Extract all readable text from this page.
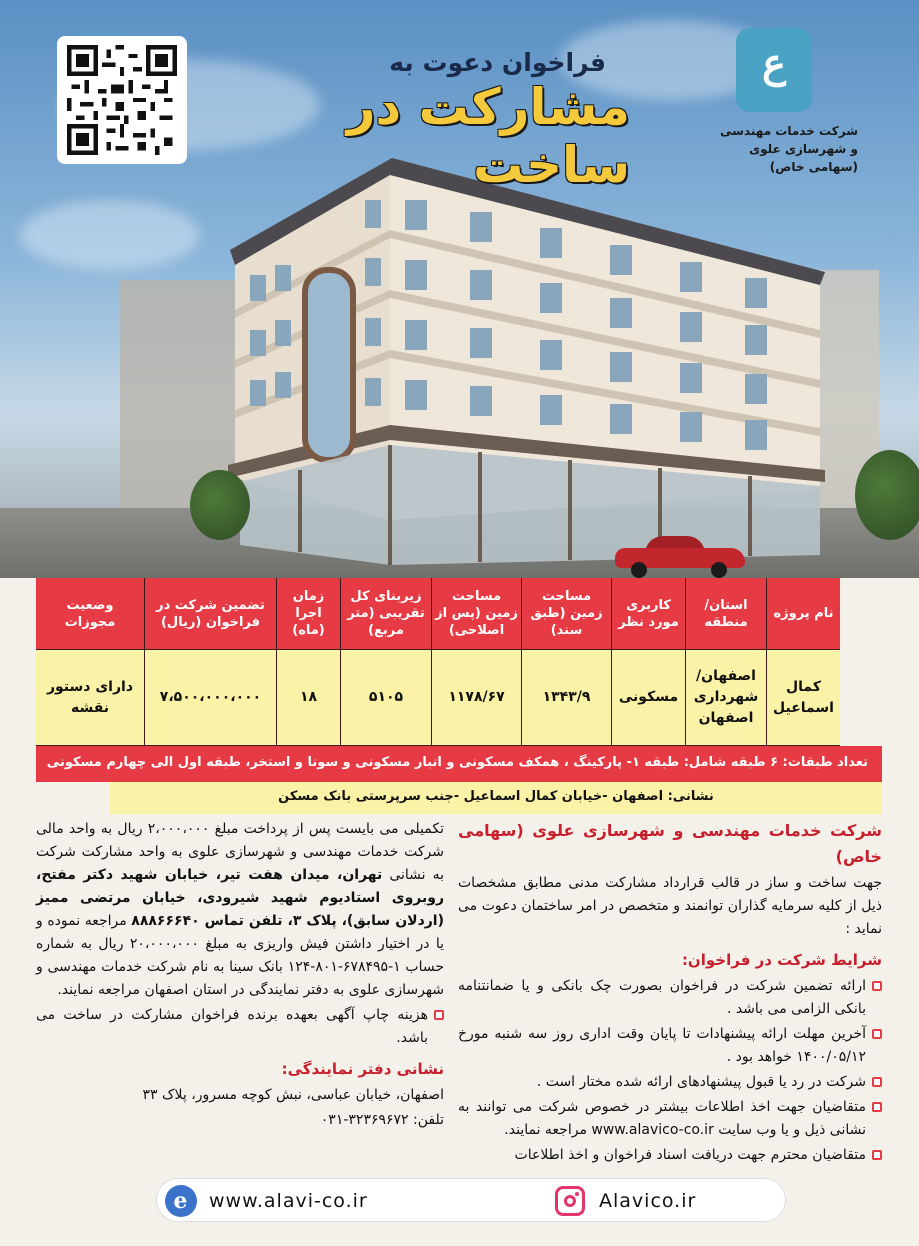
فراخوان دعوت به
مشارکت در ساخت
ع
شرکت خدمات مهندسی و شهرسازی علوی (سهامی خاص)
نام پروژه
استان/ منطقه
کاربری مورد نظر
مساحت زمین (طبق سند)
مساحت زمین (پس از اصلاحی)
زیربنای کل تقریبی (متر مربع)
زمان اجرا (ماه)
تضمین شرکت در فراخوان (ریال)
وضعیت مجوزات
کمال اسماعیل
اصفهان/ شهرداری اصفهان
مسکونی
۱۳۴۳/۹
۱۱۷۸/۶۷
۵۱۰۵
۱۸
۷،۵۰۰،۰۰۰،۰۰۰
دارای دستور نقشه
تعداد طبقات: ۶ طبقه شامل: طبقه ۱- پارکینگ ، همکف مسکونی و انبار مسکونی و سونا و استخر، طبقه اول الی چهارم مسکونی
نشانی: اصفهان -خیابان کمال اسماعیل -جنب سرپرستی بانک مسکن

شرکت خدمات مهندسی و شهرسازی علوی (سهامی خاص)

جهت ساخت و ساز در قالب قرارداد مشارکت مدنی مطابق مشخصات ذیل از کلیه سرمایه گذاران توانمند و متخصص در امر ساختمان دعوت می نماید :

شرایط شرکت در فراخوان:

ارائه تضمین شرکت در فراخوان بصورت چک بانکی و یا ضمانتنامه بانکی الزامی می باشد .

آخرین مهلت ارائه پیشنهادات تا پایان وقت اداری روز سه شنبه مورخ ۱۴۰۰/۰۵/۱۲ خواهد بود .

شرکت در رد یا قبول پیشنهادهای ارائه شده مختار است .

متقاضیان جهت اخذ اطلاعات بیشتر در خصوص شرکت می توانند به نشانی ذیل و یا وب سایت www.alavico-co.ir مراجعه نمایند.

متقاضیان محترم جهت دریافت اسناد فراخوان و اخذ اطلاعات

تکمیلی می بایست پس از پرداخت مبلغ ۲،۰۰۰،۰۰۰ ریال به واحد مالی شرکت خدمات مهندسی و شهرسازی علوی به واحد مشارکت شرکت به نشانی تهران، میدان هفت تیر، خیابان شهید دکتر مفتح، روبروی استادیوم شهید شیرودی، خیابان مرتضی ممیز (اردلان سابق)، پلاک ۳، تلفن تماس ۸۸۸۶۶۶۴۰ مراجعه نموده و یا در اختیار داشتن فیش واریزی به مبلغ ۲۰،۰۰۰،۰۰۰ ریال به شماره حساب ۱-۶۷۸۴۹۵-۸۰۱-۱۲۴ بانک سینا به نام شرکت خدمات مهندسی و شهرسازی علوی به دفتر نمایندگی در استان اصفهان مراجعه نمایند.

هزینه چاپ آگهی بعهده برنده فراخوان مشارکت در ساخت می باشد.

نشانی دفتر نمایندگی:

اصفهان، خیابان عباسی، نبش کوچه مسرور، پلاک ۳۳

تلفن: ۳۲۳۶۹۶۷۲-۰۳۱

e	www.alavi-co.ir	Alavico.ir
